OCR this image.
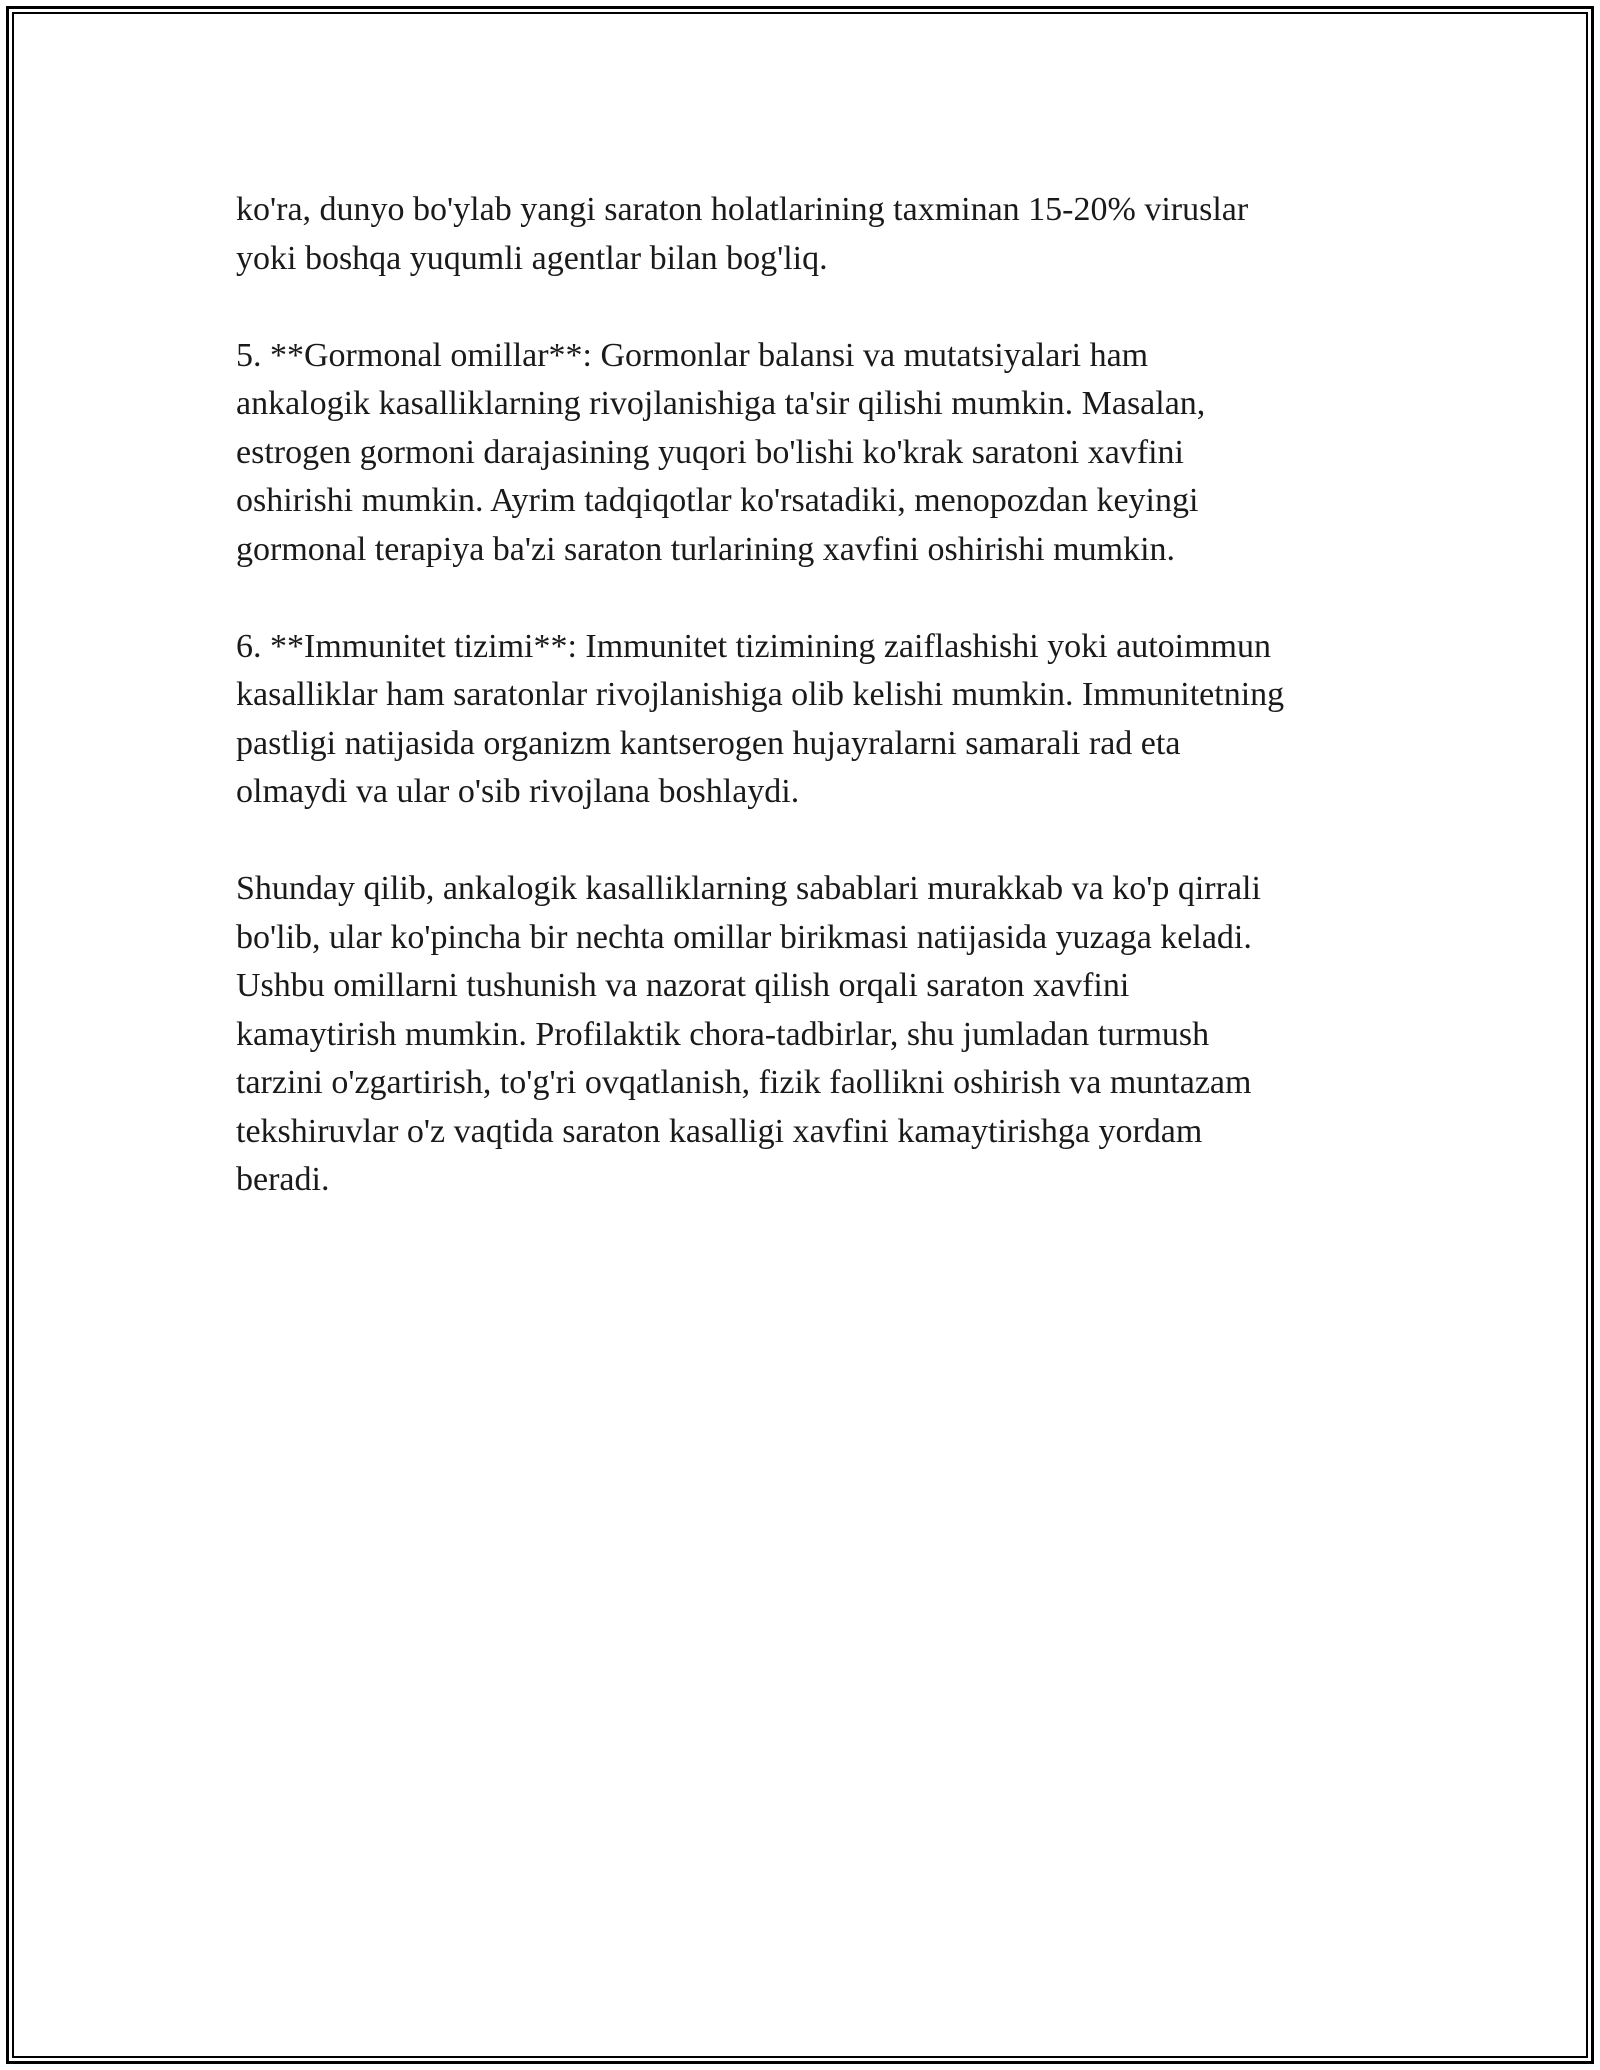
ko'ra, dunyo bo'ylab yangi saraton holatlarining taxminan 15-20% viruslar
yoki boshqa yuqumli agentlar bilan bog'liq.

5. **Gormonal omillar**: Gormonlar balansi va mutatsiyalari ham
ankalogik kasalliklarning rivojlanishiga ta'sir qilishi mumkin. Masalan,
estrogen gormoni darajasining yuqori bo'lishi ko'krak saratoni xavfini
oshirishi mumkin. Ayrim tadqiqotlar ko'rsatadiki, menopozdan keyingi
gormonal terapiya ba'zi saraton turlarining xavfini oshirishi mumkin.

6. **Immunitet tizimi**: Immunitet tizimining zaiflashishi yoki autoimmun
kasalliklar ham saratonlar rivojlanishiga olib kelishi mumkin. Immunitetning
pastligi natijasida organizm kantserogen hujayralarni samarali rad eta
olmaydi va ular o'sib rivojlana boshlaydi.

Shunday qilib, ankalogik kasalliklarning sabablari murakkab va ko'p qirrali
bo'lib, ular ko'pincha bir nechta omillar birikmasi natijasida yuzaga keladi.
Ushbu omillarni tushunish va nazorat qilish orqali saraton xavfini
kamaytirish mumkin. Profilaktik chora-tadbirlar, shu jumladan turmush
tarzini o'zgartirish, to'g'ri ovqatlanish, fizik faollikni oshirish va muntazam
tekshiruvlar o'z vaqtida saraton kasalligi xavfini kamaytirishga yordam
beradi.
